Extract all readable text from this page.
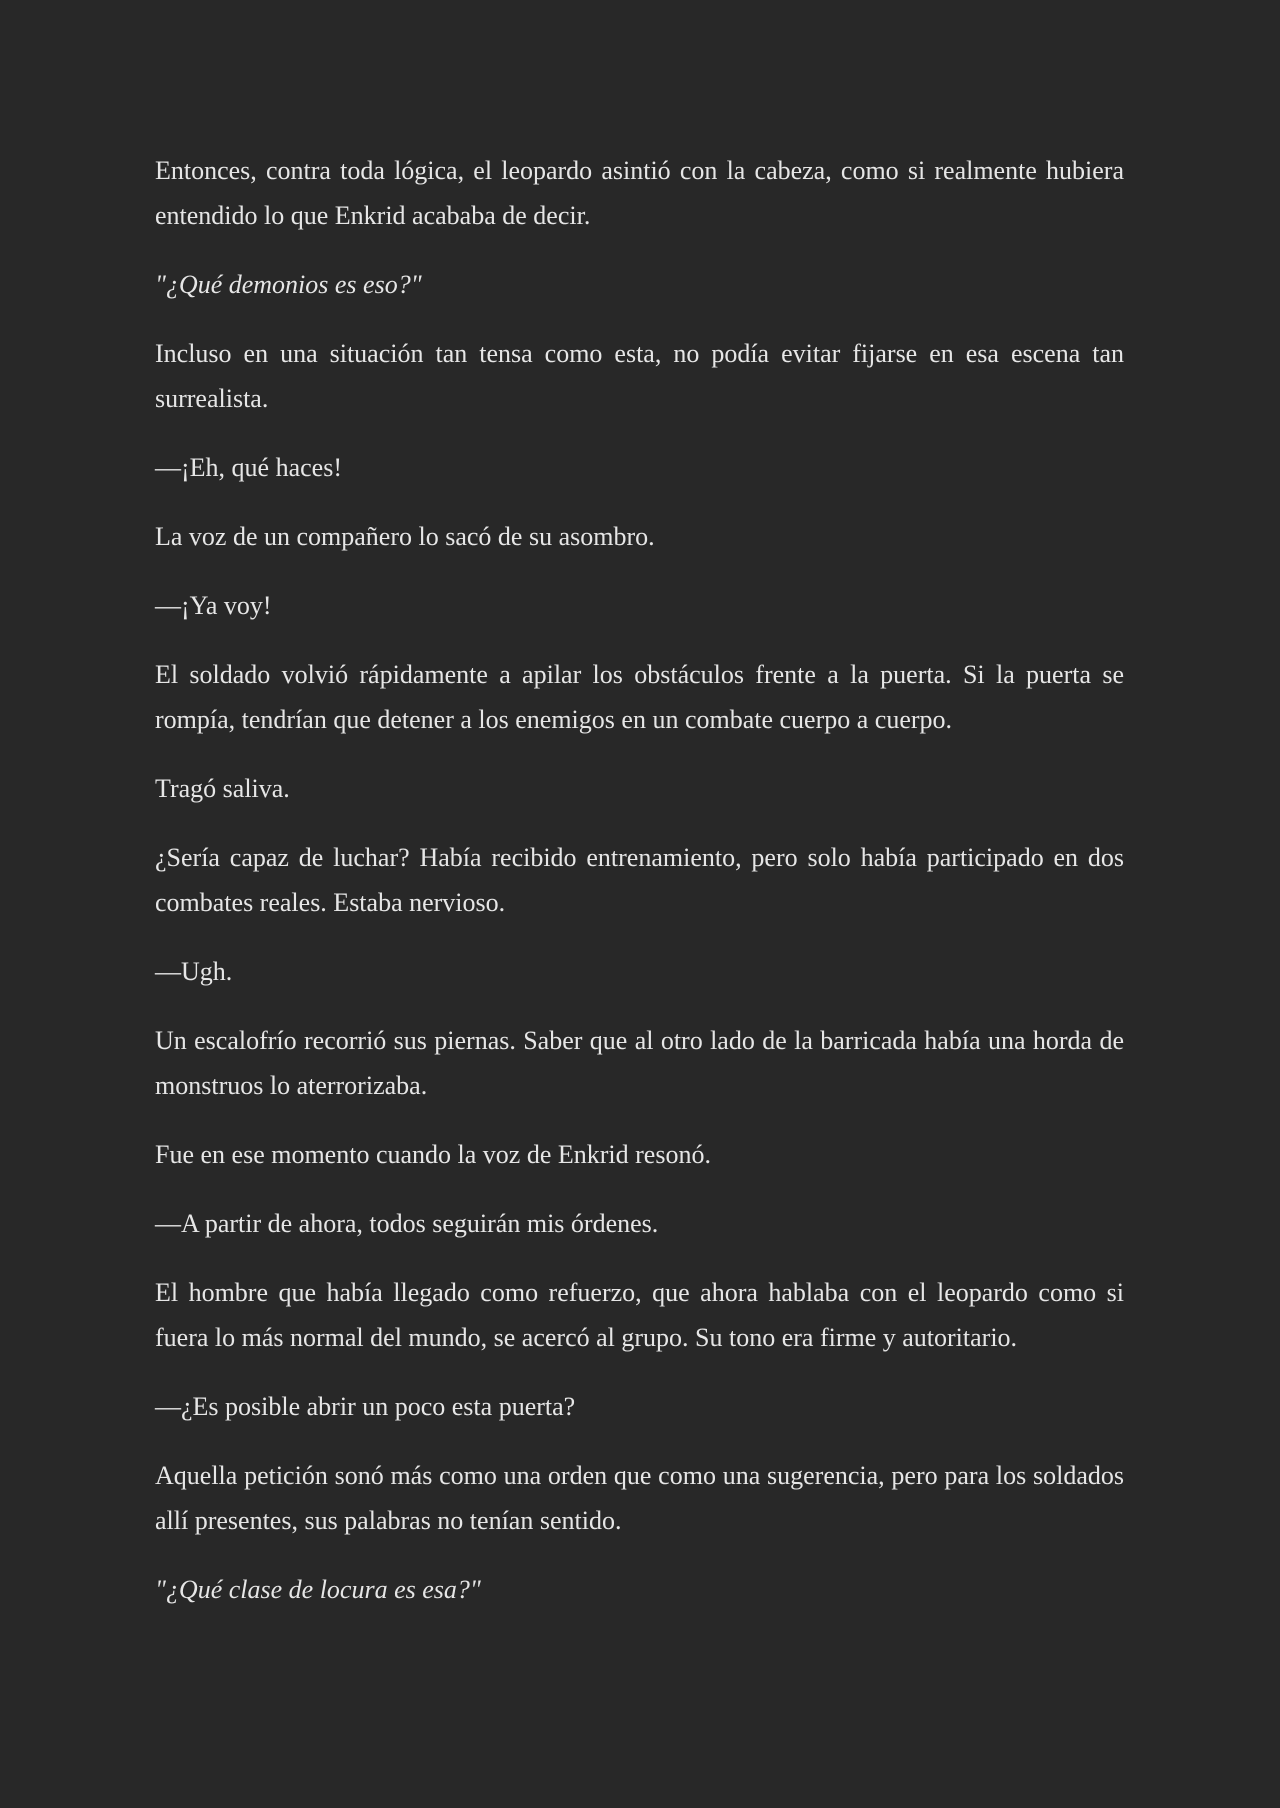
Entonces, contra toda lógica, el leopardo asintió con la cabeza, como si realmente hubiera entendido lo que Enkrid acababa de decir.

"¿Qué demonios es eso?"

Incluso en una situación tan tensa como esta, no podía evitar fijarse en esa escena tan surrealista.

—¡Eh, qué haces!

La voz de un compañero lo sacó de su asombro.

—¡Ya voy!

El soldado volvió rápidamente a apilar los obstáculos frente a la puerta. Si la puerta se rompía, tendrían que detener a los enemigos en un combate cuerpo a cuerpo.

Tragó saliva.

¿Sería capaz de luchar? Había recibido entrenamiento, pero solo había participado en dos combates reales. Estaba nervioso.

—Ugh.

Un escalofrío recorrió sus piernas. Saber que al otro lado de la barricada había una horda de monstruos lo aterrorizaba.

Fue en ese momento cuando la voz de Enkrid resonó.

—A partir de ahora, todos seguirán mis órdenes.

El hombre que había llegado como refuerzo, que ahora hablaba con el leopardo como si fuera lo más normal del mundo, se acercó al grupo. Su tono era firme y autoritario.

—¿Es posible abrir un poco esta puerta?

Aquella petición sonó más como una orden que como una sugerencia, pero para los soldados allí presentes, sus palabras no tenían sentido.

"¿Qué clase de locura es esa?"
